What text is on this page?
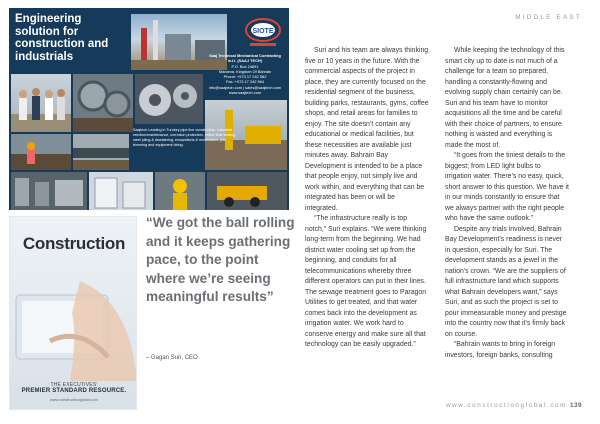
Engineering solution for construction and industrials
SIOTE
Saaj Technical Mechanical Contracting w.l.l. (SAAJ TECH)
P.O. Box 24691
Manama, Kingdom Of Bahrain
Phone: +973 17 242 582
Fax: +973 17 242 564
info@saajtech.com | sales@saajtech.com
www.saajtech.com
Saajtech Leading in Turnkey pipe line construction, industrial erection/maintenance, corrosion protection, online leak sealing, steel piling & dewatering, excavations & reclamation, pile trimming and equipment hiring.
Construction
THE EXECUTIVES'
PREMIER STANDARD RESOURCE.
www.constructionglobal.com
“We got the ball rolling and it keeps gathering pace, to the point where we’re seeing meaningful results”
– Gagan Suri, CEO
MIDDLE EAST

Suri and his team are always thinking five or 10 years in the future. With the commercial aspects of the project in place, they are currently focused on the residential segment of the business, building parks, restaurants, gyms, coffee shops, and retail areas for families to enjoy. The site doesn’t contain any educational or medical facilities, but these necessities are available just minutes away. Bahrain Bay Development is intended to be a place that people enjoy, not simply live and work within, and everything that can be integrated has been or will be integrated.

“The infrastructure really is top notch,” Suri explains. “We were thinking long-term from the beginning. We had district water cooling set up from the beginning, and conduits for all telecommunications whereby three different operators can put in their lines. The sewage treatment goes to Paragon Utilities to get treated, and that water comes back into the development as irrigation water. We work hard to conserve energy and make sure all that technology can be easily upgraded.”

While keeping the technology of this smart city up to date is not much of a challenge for a team so prepared, handling a constantly-flowing and evolving supply chain certainly can be. Suri and his team have to monitor acquisitions all the time and be careful with their choice of partners, to ensure nothing is wasted and everything is made the most of.

“It goes from the tiniest details to the biggest; from LED light bulbs to irrigation water. There’s no easy, quick, short answer to this question. We have it in our minds constantly to ensure that we always partner with the right people who have the same outlook.”

Despite any trials involved, Bahrain Bay Development’s readiness is never in question, especially for Suri. The development stands as a jewel in the nation’s crown. “We are the suppliers of full infrastructure land which supports what Bahrain developers want,” says Suri, and as such the project is set to pour immeasurable money and prestige into the country now that it’s firmly back on course.

“Bahrain wants to bring in foreign investors, foreign banks, consulting

www.constructionglobal.com 139
